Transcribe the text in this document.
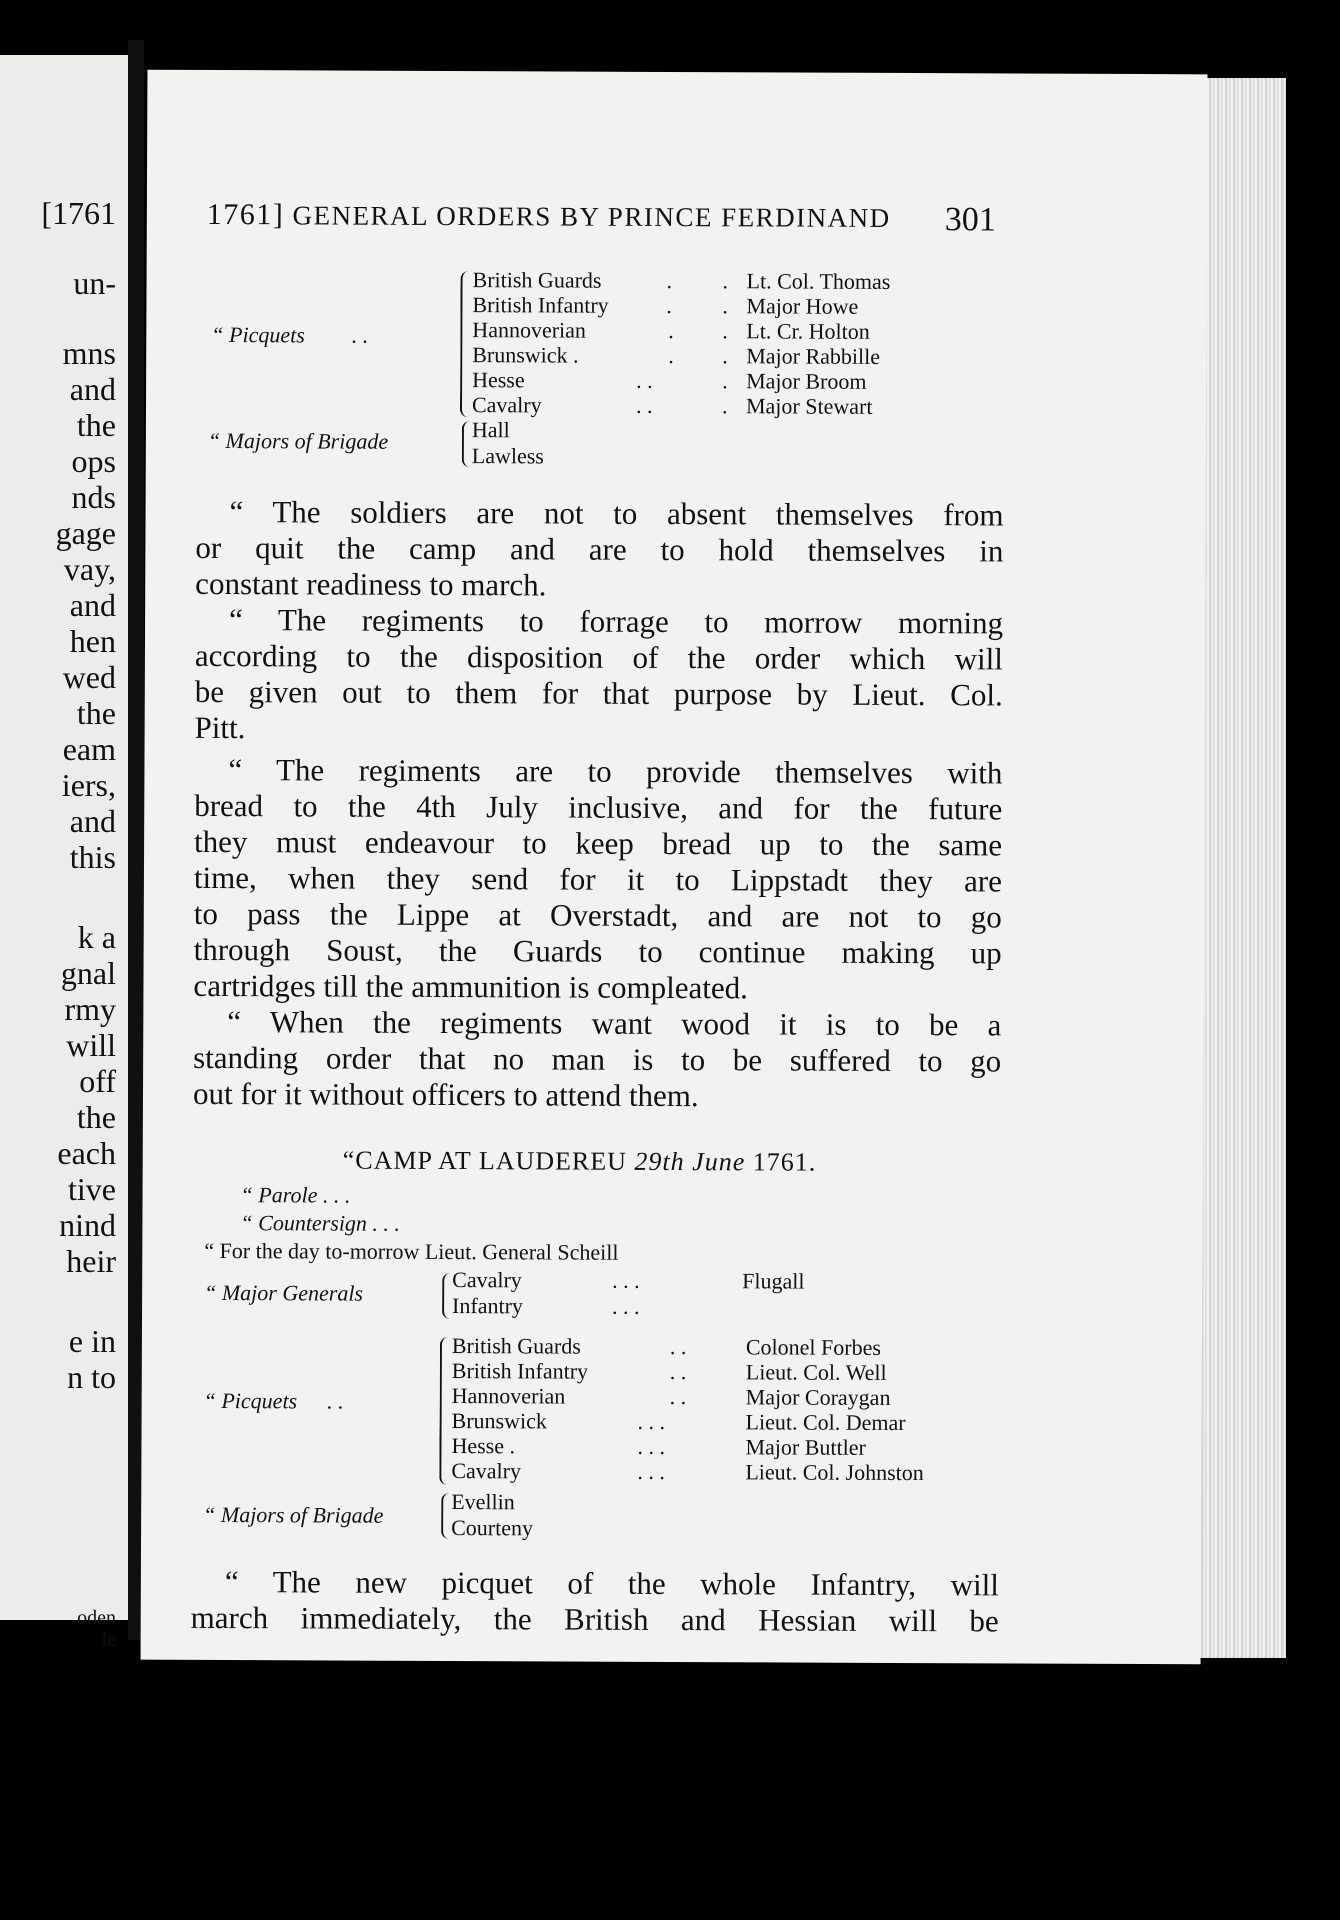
[1761
un-
mns
and
the
ops
nds
gage
vay,
and
hen
wed
the
eam
iers,
and
this
k a
gnal
rmy
will
off
the
each
tive
nind
heir
e in
n to
oden
le
1761] GENERAL ORDERS BY PRINCE FERDINAND 301
“ Picquets . .
British Guards	. . Lt. Col. Thomas
British Infantry	. . Major Howe
Hannoverian	. . Lt. Cr. Holton
Brunswick .	. . Major Rabbille
Hesse	. .	. Major Broom
Cavalry	. .	. Major Stewart
“ Majors of Brigade	Hall
Lawless
“ The soldiers are not to absent themselves from
or quit the camp and are to hold themselves in
constant readiness to march.
“ The regiments to forrage to morrow morning
according to the disposition of the order which will
be given out to them for that purpose by Lieut. Col.
Pitt.
“ The regiments are to provide themselves with
bread to the 4th July inclusive, and for the future
they must endeavour to keep bread up to the same
time, when they send for it to Lippstadt they are
to pass the Lippe at Overstadt, and are not to go
through Soust, the Guards to continue making up
cartridges till the ammunition is compleated.
“ When the regiments want wood it is to be a
standing order that no man is to be suffered to go
out for it without officers to attend them.
“CAMP AT LAUDEREU 29th June 1761.
“ Parole . . .
“ Countersign . . .
“ For the day to-morrow Lieut. General Scheill
“ Major Generals
Cavalry	. . .	Flugall
Infantry	. . .
“ Picquets . .
British Guards	. .	Colonel Forbes
British Infantry	. .	Lieut. Col. Well
Hannoverian	. .	Major Coraygan
Brunswick	. . .	Lieut. Col. Demar
Hesse .	. . .	Major Buttler
Cavalry	. . .	Lieut. Col. Johnston
“ Majors of Brigade
Evellin
Courteny
“ The new picquet of the whole Infantry, will
march immediately, the British and Hessian will be
